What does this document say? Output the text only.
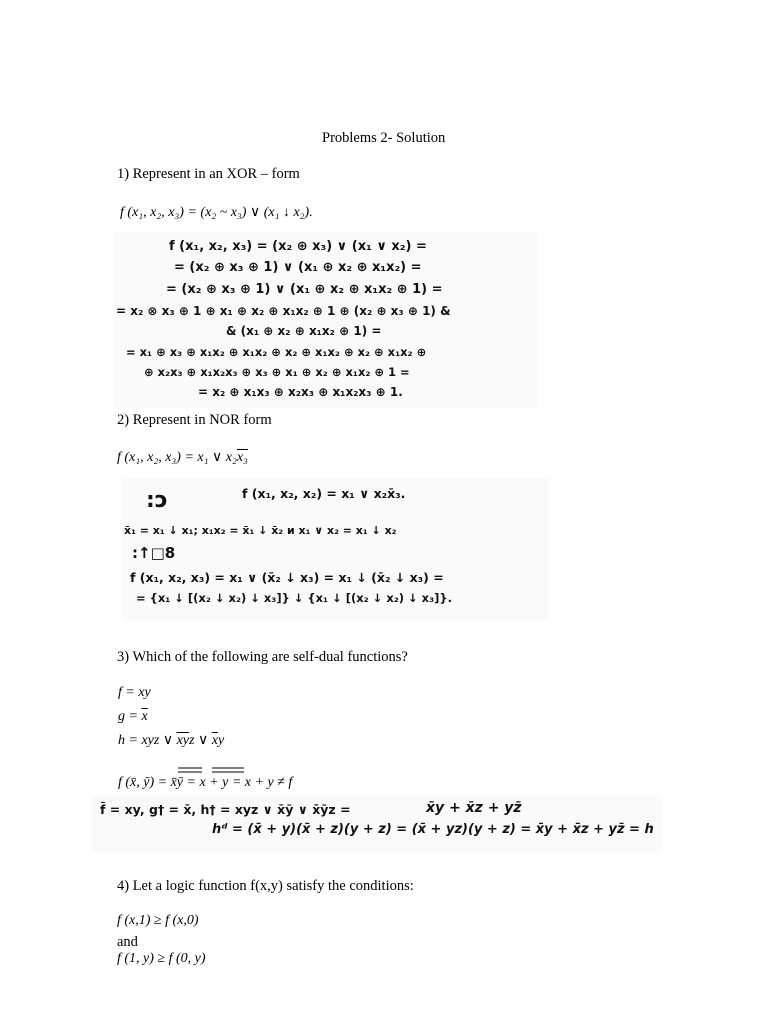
Problems 2- Solution
1) Represent in an XOR – form
f (x₁, x₂, x₃) = (x₂ ~ x₃) ∨ (x₁ ↓ x₂).
f (x₁, x₂, x₃) = (x₂ ⊕ x₃) ∨ (x₁ ∨ x₂) =
= (x₂ ⊕ x₃ ⊕ 1) ∨ (x₁ ⊕ x₂ ⊕ x₁x₂) =
= (x₂ ⊕ x₃ ⊕ 1) ∨ (x₁ ⊕ x₂ ⊕ x₁x₂ ⊕ 1) =
= x₂ ⊗ x₃ ⊕ 1 ⊕ x₁ ⊕ x₂ ⊕ x₁x₂ ⊕ 1 ⊕ (x₂ ⊕ x₃ ⊕ 1) &
& (x₁ ⊕ x₂ ⊕ x₁x₂ ⊕ 1) =
= x₁ ⊕ x₃ ⊕ x₁x₂ ⊕ x₁x₂ ⊕ x₂ ⊕ x₁x₂ ⊕ x₂ ⊕ x₁x₂ ⊕
⊕ x₂x₃ ⊕ x₁x₂x₃ ⊕ x₃ ⊕ x₁ ⊕ x₂ ⊕ x₁x₂ ⊕ 1 =
= x₂ ⊕ x₁x₃ ⊕ x₂x₃ ⊕ x₁x₂x₃ ⊕ 1.
2) Represent in NOR form
f (x₁, x₂, x₃) = x₁ ∨ x₂x₃
:ɔ	f (x₁, x₂, x₂) = x₁ ∨ x₂x̄₃.
x̄₁ = x₁ ↓ x₁; x₁x₂ = x̄₁ ↓ x̄₂ и x₁ ∨ x₂ = x₁ ↓ x₂
:↑□8
f (x₁, x₂, x₃) = x₁ ∨ (x̄₂ ↓ x₃) = x₁ ↓ (x̄₂ ↓ x₃) =
= {x₁ ↓ [(x₂ ↓ x₂) ↓ x₃]} ↓ {x₁ ↓ [(x₂ ↓ x₂) ↓ x₃]}.
3) Which of the following are self-dual functions?
f = xy
$g = \overline{x}$
h = xyz ∨ $\overline{xy}z$ ∨ $\overline{x}y$
f (x̄, ȳ) = x̄ȳ = x + y = x + y ≠ f
f̄ = xy, g† = x̄, h† = xyz ∨ x̄ȳ ∨ x̄ȳz =	x̄y + x̄z + yz̄
hᵈ = (x̄ + y)(x̄ + z)(y + z) = (x̄ + yz)(y + z) = x̄y + x̄z + yz̄ = h
4) Let a logic function f(x,y) satisfy the conditions:
f (x,1) ≥ f (x,0)
and
f (1, y) ≥ f (0, y)
